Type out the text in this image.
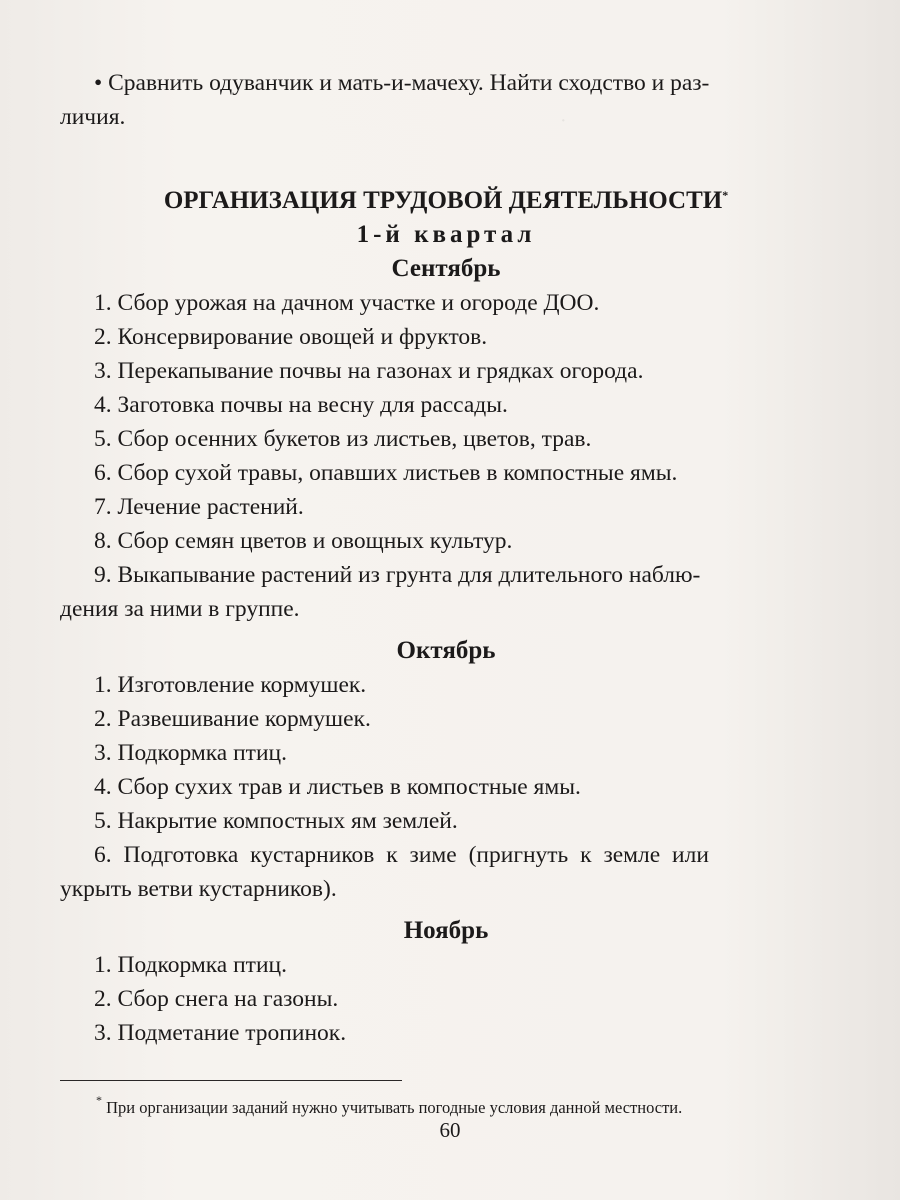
·

• Сравнить одуванчик и мать-и-мачеху. Найти сходство и раз-

личия.

ОРГАНИЗАЦИЯ ТРУДОВОЙ ДЕЯТЕЛЬНОСТИ*

1-й квартал

Сентябрь

1. Сбор урожая на дачном участке и огороде ДОО.

2. Консервирование овощей и фруктов.

3. Перекапывание почвы на газонах и грядках огорода.

4. Заготовка почвы на весну для рассады.

5. Сбор осенних букетов из листьев, цветов, трав.

6. Сбор сухой травы, опавших листьев в компостные ямы.

7. Лечение растений.

8. Сбор семян цветов и овощных культур.

9. Выкапывание растений из грунта для длительного наблю-

дения за ними в группе.

Октябрь

1. Изготовление кормушек.

2. Развешивание кормушек.

3. Подкормка птиц.

4. Сбор сухих трав и листьев в компостные ямы.

5. Накрытие компостных ям землей.

6. Подготовка кустарников к зиме (пригнуть к земле или

укрыть ветви кустарников).

Ноябрь

1. Подкормка птиц.

2. Сбор снега на газоны.

3. Подметание тропинок.

* При организации заданий нужно учитывать погодные условия данной местности.
60
